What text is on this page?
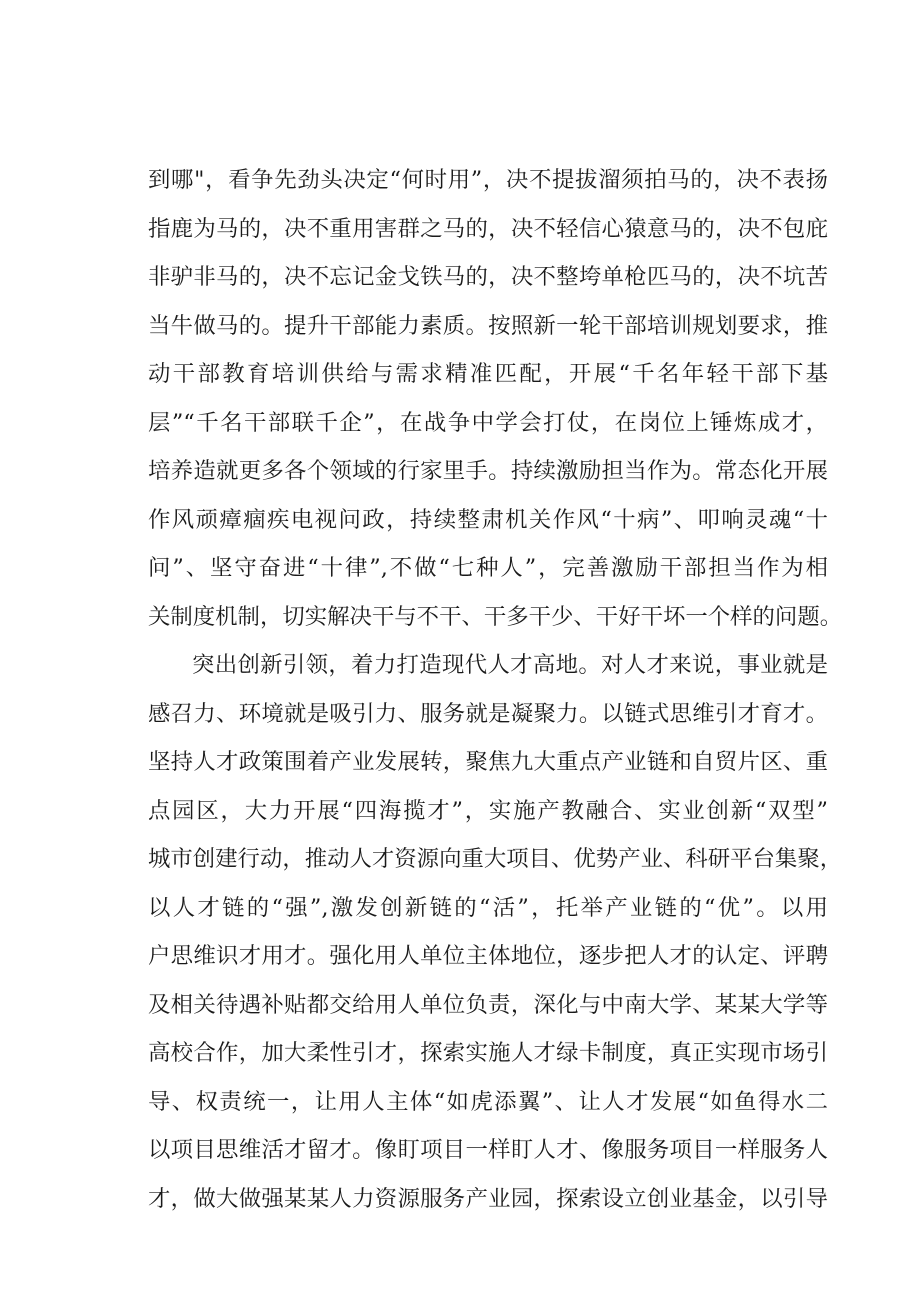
到哪"，看争先劲头决定“何时用”，决不提拔溜须拍马的，决不表扬
指鹿为马的，决不重用害群之马的，决不轻信心猿意马的，决不包庇
非驴非马的，决不忘记金戈铁马的，决不整垮单枪匹马的，决不坑苦
当牛做马的。提升干部能力素质。按照新一轮干部培训规划要求，推
动干部教育培训供给与需求精准匹配，开展“千名年轻干部下基
层”“千名干部联千企”，在战争中学会打仗，在岗位上锤炼成才，
培养造就更多各个领域的行家里手。持续激励担当作为。常态化开展
作风顽瘴痼疾电视问政，持续整肃机关作风“十病”、叩响灵魂“十
问”、坚守奋进“十律”,不做“七种人”，完善激励干部担当作为相
关制度机制，切实解决干与不干、干多干少、干好干坏一个样的问题。
突出创新引领，着力打造现代人才高地。对人才来说，事业就是
感召力、环境就是吸引力、服务就是凝聚力。以链式思维引才育才。
坚持人才政策围着产业发展转，聚焦九大重点产业链和自贸片区、重
点园区，大力开展“四海揽才”，实施产教融合、实业创新“双型”
城市创建行动，推动人才资源向重大项目、优势产业、科研平台集聚，
以人才链的“强”,激发创新链的“活”，托举产业链的“优”。以用
户思维识才用才。强化用人单位主体地位，逐步把人才的认定、评聘
及相关待遇补贴都交给用人单位负责，深化与中南大学、某某大学等
高校合作，加大柔性引才，探索实施人才绿卡制度，真正实现市场引
导、权责统一，让用人主体“如虎添翼”、让人才发展“如鱼得水二
以项目思维活才留才。像盯项目一样盯人才、像服务项目一样服务人
才，做大做强某某人力资源服务产业园，探索设立创业基金，以引导
